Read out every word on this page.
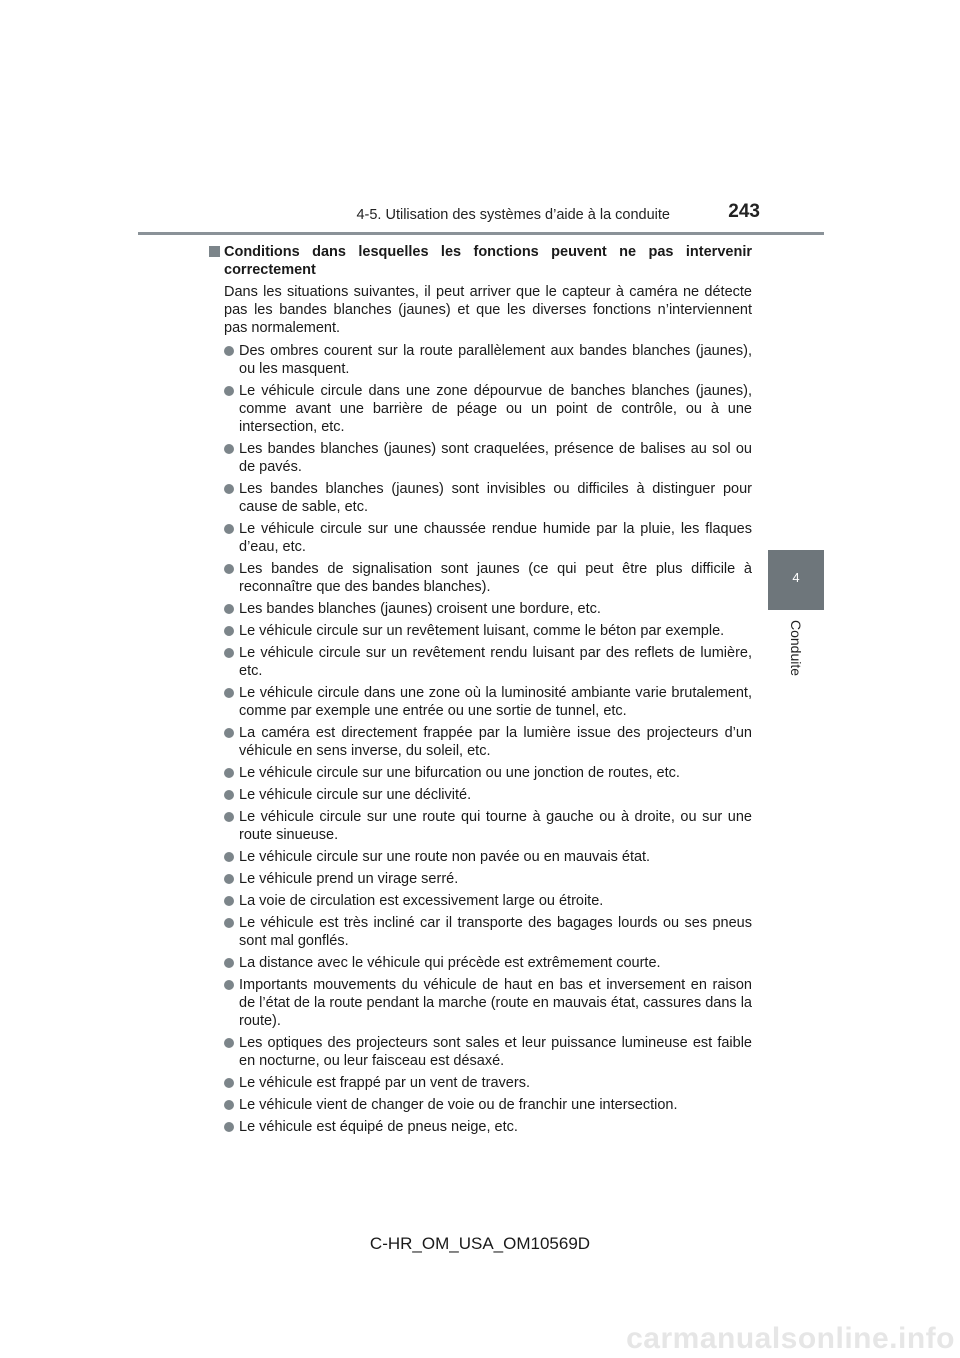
4-5. Utilisation des systèmes d’aide à la conduite	243
4
Conduite
Conditions dans lesquelles les fonctions peuvent ne pas intervenir correctement

Dans les situations suivantes, il peut arriver que le capteur à caméra ne détecte pas les bandes blanches (jaunes) et que les diverses fonctions n’interviennent pas normalement.

Des ombres courent sur la route parallèlement aux bandes blanches (jaunes), ou les masquent.
Le véhicule circule dans une zone dépourvue de banches blanches (jaunes), comme avant une barrière de péage ou un point de contrôle, ou à une intersection, etc.
Les bandes blanches (jaunes) sont craquelées, présence de balises au sol ou de pavés.
Les bandes blanches (jaunes) sont invisibles ou difficiles à distinguer pour cause de sable, etc.
Le véhicule circule sur une chaussée rendue humide par la pluie, les flaques d’eau, etc.
Les bandes de signalisation sont jaunes (ce qui peut être plus difficile à reconnaître que des bandes blanches).
Les bandes blanches (jaunes) croisent une bordure, etc.
Le véhicule circule sur un revêtement luisant, comme le béton par exemple.
Le véhicule circule sur un revêtement rendu luisant par des reflets de lumière, etc.
Le véhicule circule dans une zone où la luminosité ambiante varie brutalement, comme par exemple une entrée ou une sortie de tunnel, etc.
La caméra est directement frappée par la lumière issue des projecteurs d’un véhicule en sens inverse, du soleil, etc.
Le véhicule circule sur une bifurcation ou une jonction de routes, etc.
Le véhicule circule sur une déclivité.
Le véhicule circule sur une route qui tourne à gauche ou à droite, ou sur une route sinueuse.
Le véhicule circule sur une route non pavée ou en mauvais état.
Le véhicule prend un virage serré.
La voie de circulation est excessivement large ou étroite.
Le véhicule est très incliné car il transporte des bagages lourds ou ses pneus sont mal gonflés.
La distance avec le véhicule qui précède est extrêmement courte.
Importants mouvements du véhicule de haut en bas et inversement en raison de l’état de la route pendant la marche (route en mauvais état, cassures dans la route).
Les optiques des projecteurs sont sales et leur puissance lumineuse est faible en nocturne, ou leur faisceau est désaxé.
Le véhicule est frappé par un vent de travers.
Le véhicule vient de changer de voie ou de franchir une intersection.
Le véhicule est équipé de pneus neige, etc.
C-HR_OM_USA_OM10569D
carmanualsonline.info
